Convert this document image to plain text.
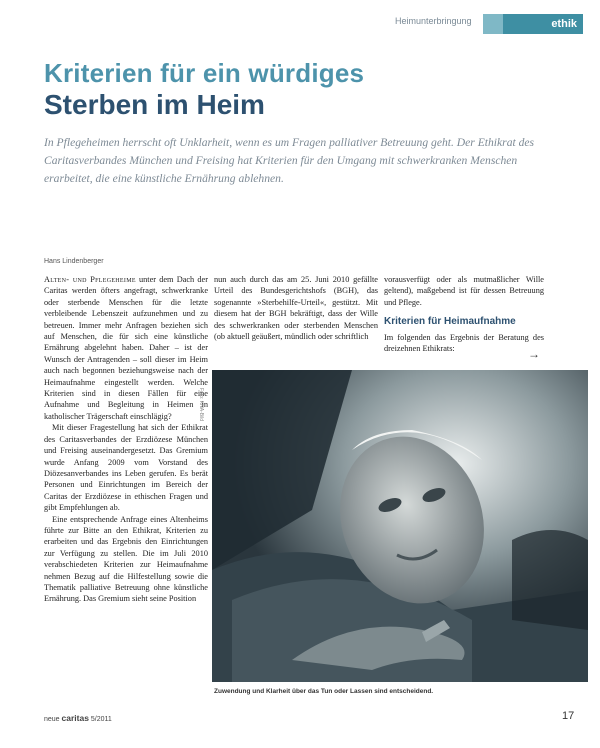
Heimunterbringung	ethik
Kriterien für ein würdiges
Sterben im Heim
In Pflegeheimen herrscht oft Unklarheit, wenn es um Fragen palliativer Betreuung geht. Der Ethikrat des Caritasverbandes München und Freising hat Kriterien für den Umgang mit schwerkranken Menschen erarbeitet, die eine künstliche Ernährung ablehnen.
Hans Lindenberger

Alten- und Pflegeheime unter dem Dach der Caritas werden öfters angefragt, schwerkranke oder sterbende Menschen für die letzte verbleibende Lebenszeit aufzunehmen und zu betreuen. Immer mehr Anfragen beziehen sich auf Menschen, die für sich eine künstliche Ernährung abgelehnt haben. Daher – ist der Wunsch der Antragenden – soll dieser im Heim auch nach begonnen beziehungsweise nach der Heimaufnahme eingestellt werden. Welche Kriterien sind in diesen Fällen für eine Aufnahme und Begleitung in Heimen in katholischer Trägerschaft einschlägig?

Mit dieser Fragestellung hat sich der Ethikrat des Caritasverbandes der Erzdiözese München und Freising auseinandergesetzt. Das Gremium wurde Anfang 2009 vom Vorstand des Diözesanverbandes ins Leben gerufen. Es berät Personen und Einrichtungen im Bereich der Caritas der Erzdiözese in ethischen Fragen und gibt Empfehlungen ab.

Eine entsprechende Anfrage eines Altenheims führte zur Bitte an den Ethikrat, Kriterien zu erarbeiten und das Ergebnis den Einrichtungen zur Verfügung zu stellen. Die im Juli 2010 verabschiedeten Kriterien zur Heimaufnahme nehmen Bezug auf die Hilfestellung sowie die Thematik palliative Betreuung ohne künstliche Ernährung. Das Gremium sieht seine Position

nun auch durch das am 25. Juni 2010 gefällte Urteil des Bundesgerichtshofs (BGH), das sogenannte »Sterbehilfe-Urteil«, gestützt. Mit diesem hat der BGH bekräftigt, dass der Wille des schwerkranken oder sterbenden Menschen (ob aktuell geäußert, mündlich oder schriftlich

vorausverfügt oder als mutmaßlicher Wille geltend), maßgebend ist für dessen Betreuung und Pflege.

Kriterien für Heimaufnahme

Im folgenden das Ergebnis der Beratung des dreizehnen Ethikrats:	→
Foto: KNA-Bild
Zuwendung und Klarheit über das Tun oder Lassen sind entscheidend.
neue caritas 5/2011	17
